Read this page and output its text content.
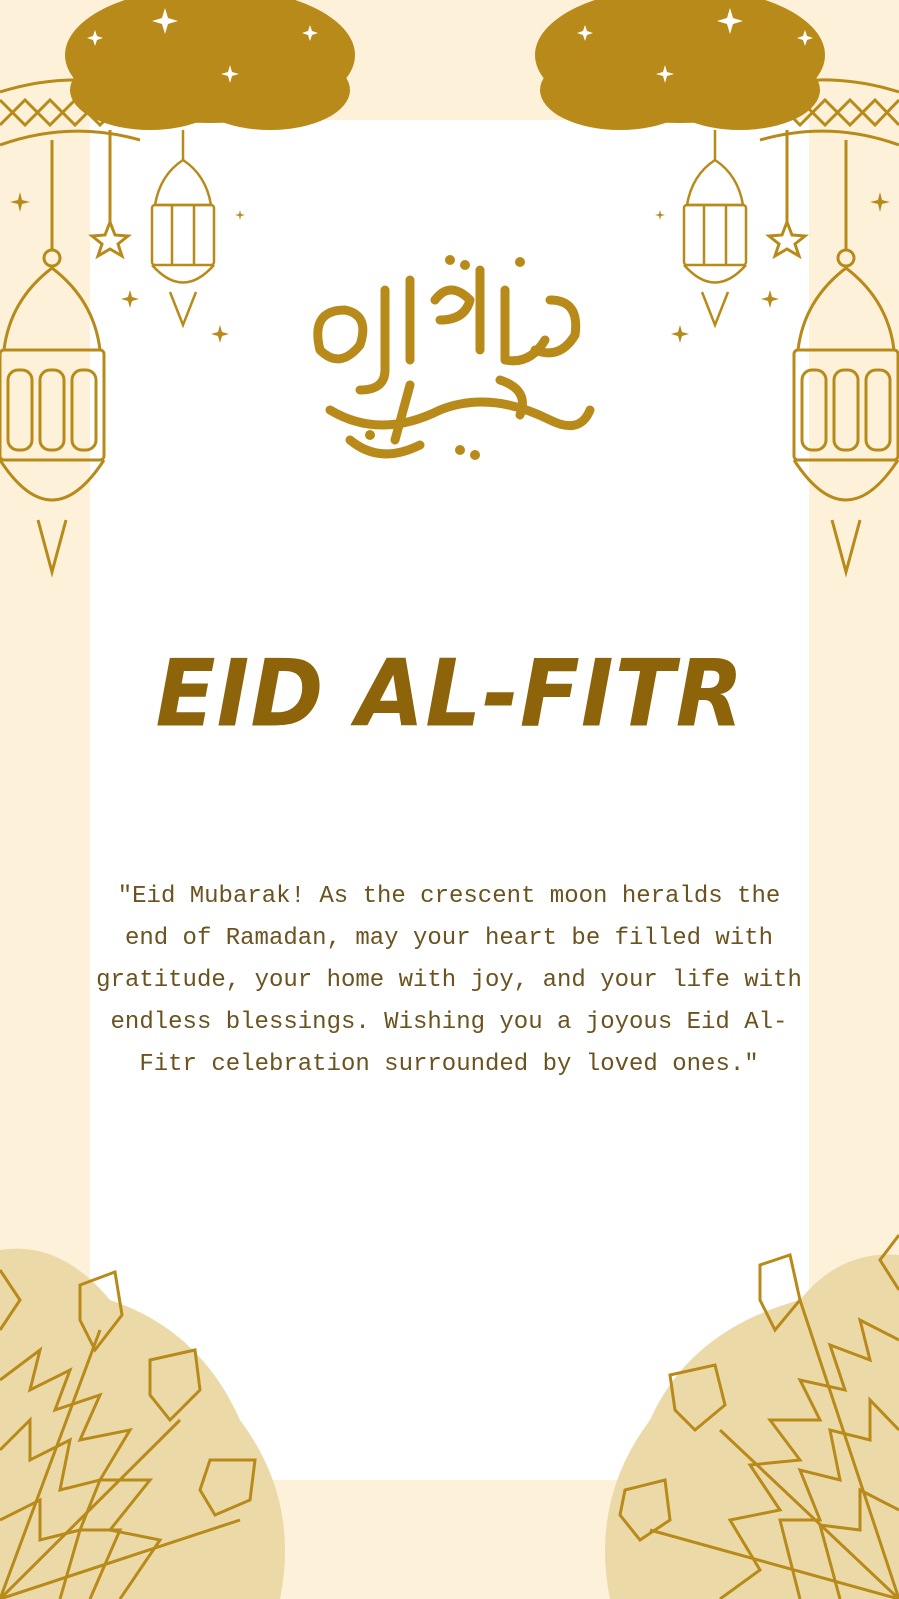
EID AL-FITR

"Eid Mubarak! As the crescent moon heralds the end of Ramadan, may your heart be filled with gratitude, your home with joy, and your life with endless blessings. Wishing you a joyous Eid Al-Fitr celebration surrounded by loved ones."
